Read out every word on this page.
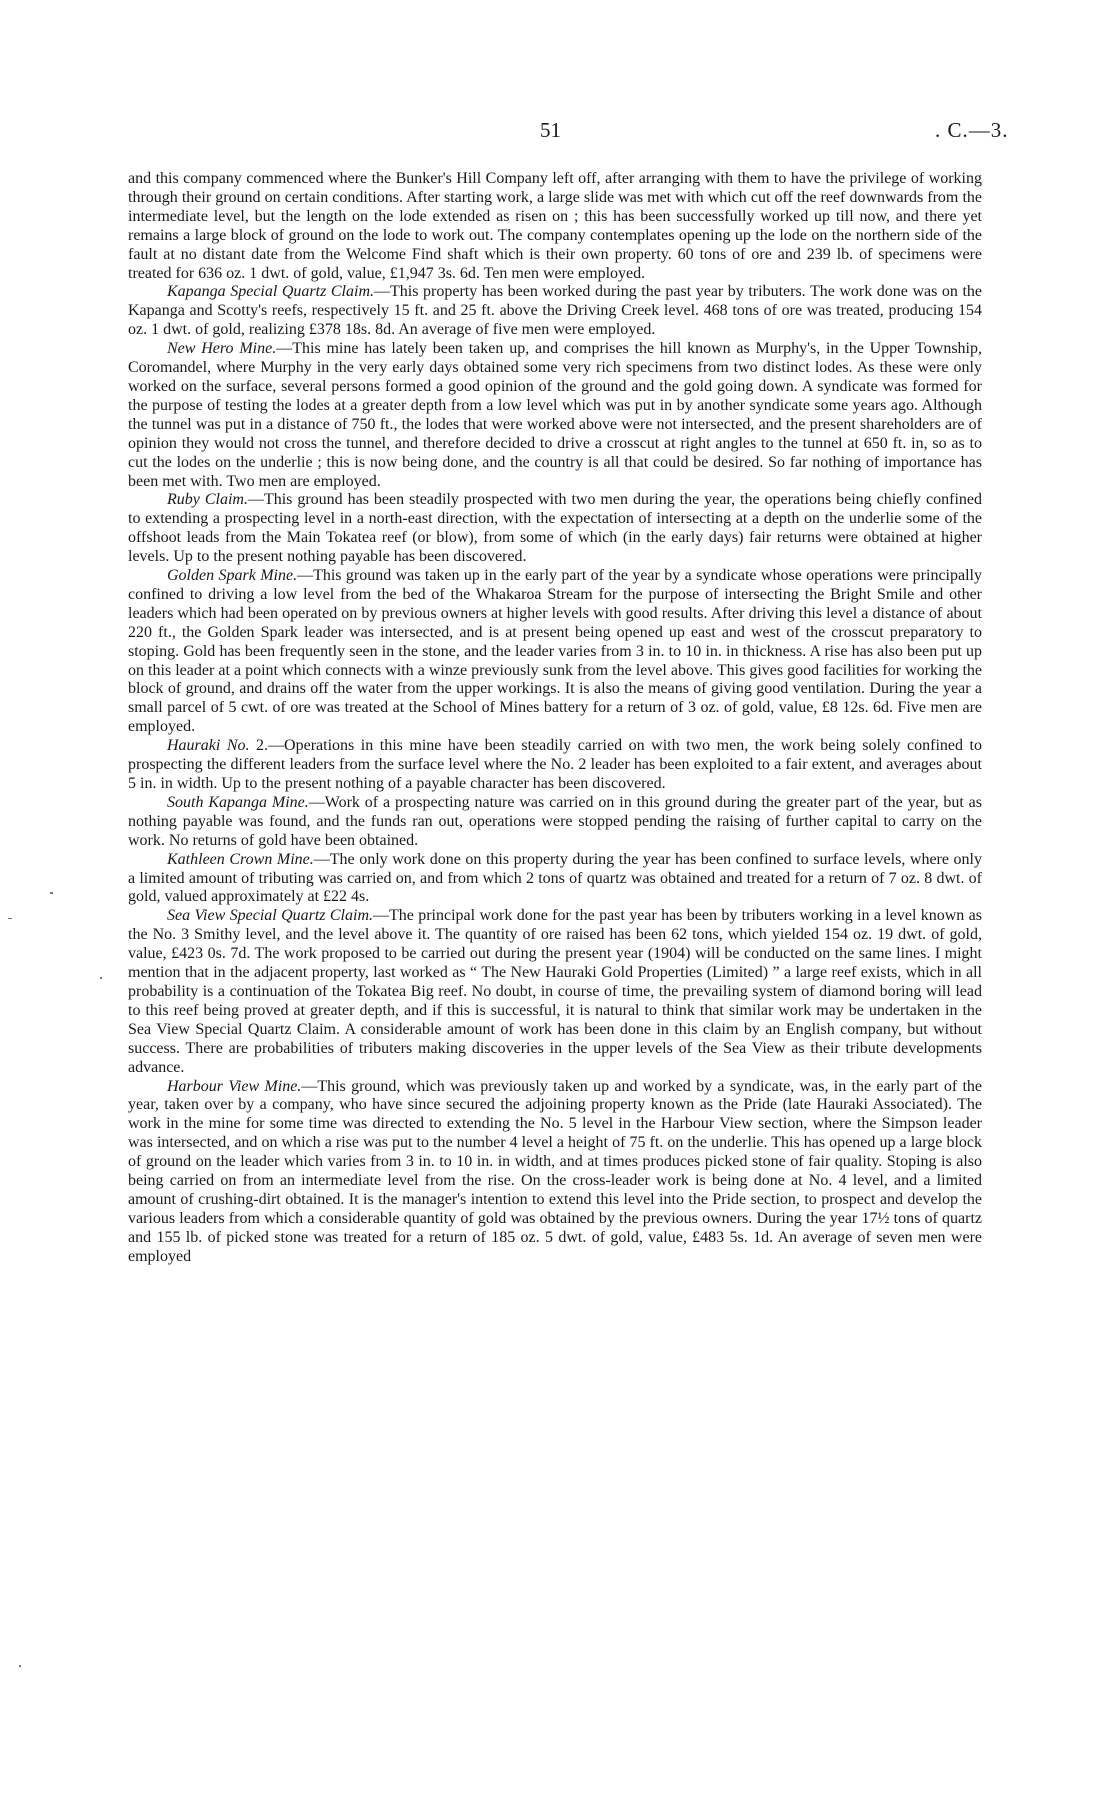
51	. C.—3.

and this company commenced where the Bunker's Hill Company left off, after arranging with them to have the privilege of working through their ground on certain conditions. After starting work, a large slide was met with which cut off the reef downwards from the intermediate level, but the length on the lode extended as risen on ; this has been successfully worked up till now, and there yet remains a large block of ground on the lode to work out. The company contemplates opening up the lode on the northern side of the fault at no distant date from the Welcome Find shaft which is their own property. 60 tons of ore and 239 lb. of specimens were treated for 636 oz. 1 dwt. of gold, value, £1,947 3s. 6d. Ten men were employed.

Kapanga Special Quartz Claim.—This property has been worked during the past year by tributers. The work done was on the Kapanga and Scotty's reefs, respectively 15 ft. and 25 ft. above the Driving Creek level. 468 tons of ore was treated, producing 154 oz. 1 dwt. of gold, realizing £378 18s. 8d. An average of five men were employed.

New Hero Mine.—This mine has lately been taken up, and comprises the hill known as Murphy's, in the Upper Township, Coromandel, where Murphy in the very early days obtained some very rich specimens from two distinct lodes. As these were only worked on the surface, several persons formed a good opinion of the ground and the gold going down. A syndicate was formed for the purpose of testing the lodes at a greater depth from a low level which was put in by another syndicate some years ago. Although the tunnel was put in a distance of 750 ft., the lodes that were worked above were not intersected, and the present shareholders are of opinion they would not cross the tunnel, and therefore decided to drive a crosscut at right angles to the tunnel at 650 ft. in, so as to cut the lodes on the underlie ; this is now being done, and the country is all that could be desired. So far nothing of importance has been met with. Two men are employed.

Ruby Claim.—This ground has been steadily prospected with two men during the year, the operations being chiefly confined to extending a prospecting level in a north-east direction, with the expectation of intersecting at a depth on the underlie some of the offshoot leads from the Main Tokatea reef (or blow), from some of which (in the early days) fair returns were obtained at higher levels. Up to the present nothing payable has been discovered.

Golden Spark Mine.—This ground was taken up in the early part of the year by a syndicate whose operations were principally confined to driving a low level from the bed of the Whakaroa Stream for the purpose of intersecting the Bright Smile and other leaders which had been operated on by previous owners at higher levels with good results. After driving this level a distance of about 220 ft., the Golden Spark leader was intersected, and is at present being opened up east and west of the crosscut preparatory to stoping. Gold has been frequently seen in the stone, and the leader varies from 3 in. to 10 in. in thickness. A rise has also been put up on this leader at a point which connects with a winze previously sunk from the level above. This gives good facilities for working the block of ground, and drains off the water from the upper workings. It is also the means of giving good ventilation. During the year a small parcel of 5 cwt. of ore was treated at the School of Mines battery for a return of 3 oz. of gold, value, £8 12s. 6d. Five men are employed.

Hauraki No. 2.—Operations in this mine have been steadily carried on with two men, the work being solely confined to prospecting the different leaders from the surface level where the No. 2 leader has been exploited to a fair extent, and averages about 5 in. in width. Up to the present nothing of a payable character has been discovered.

South Kapanga Mine.—Work of a prospecting nature was carried on in this ground during the greater part of the year, but as nothing payable was found, and the funds ran out, operations were stopped pending the raising of further capital to carry on the work. No returns of gold have been obtained.

Kathleen Crown Mine.—The only work done on this property during the year has been confined to surface levels, where only a limited amount of tributing was carried on, and from which 2 tons of quartz was obtained and treated for a return of 7 oz. 8 dwt. of gold, valued approximately at £22 4s.

Sea View Special Quartz Claim.—The principal work done for the past year has been by tributers working in a level known as the No. 3 Smithy level, and the level above it. The quantity of ore raised has been 62 tons, which yielded 154 oz. 19 dwt. of gold, value, £423 0s. 7d. The work proposed to be carried out during the present year (1904) will be conducted on the same lines. I might mention that in the adjacent property, last worked as “ The New Hauraki Gold Properties (Limited) ” a large reef exists, which in all probability is a continuation of the Tokatea Big reef. No doubt, in course of time, the prevailing system of diamond boring will lead to this reef being proved at greater depth, and if this is successful, it is natural to think that similar work may be undertaken in the Sea View Special Quartz Claim. A considerable amount of work has been done in this claim by an English company, but without success. There are probabilities of tributers making discoveries in the upper levels of the Sea View as their tribute developments advance.

Harbour View Mine.—This ground, which was previously taken up and worked by a syndicate, was, in the early part of the year, taken over by a company, who have since secured the adjoining property known as the Pride (late Hauraki Associated). The work in the mine for some time was directed to extending the No. 5 level in the Harbour View section, where the Simpson leader was intersected, and on which a rise was put to the number 4 level a height of 75 ft. on the underlie. This has opened up a large block of ground on the leader which varies from 3 in. to 10 in. in width, and at times produces picked stone of fair quality. Stoping is also being carried on from an intermediate level from the rise. On the cross-leader work is being done at No. 4 level, and a limited amount of crushing-dirt obtained. It is the manager's intention to extend this level into the Pride section, to prospect and develop the various leaders from which a considerable quantity of gold was obtained by the previous owners. During the year 17½ tons of quartz and 155 lb. of picked stone was treated for a return of 185 oz. 5 dwt. of gold, value, £483 5s. 1d. An average of seven men were employed
